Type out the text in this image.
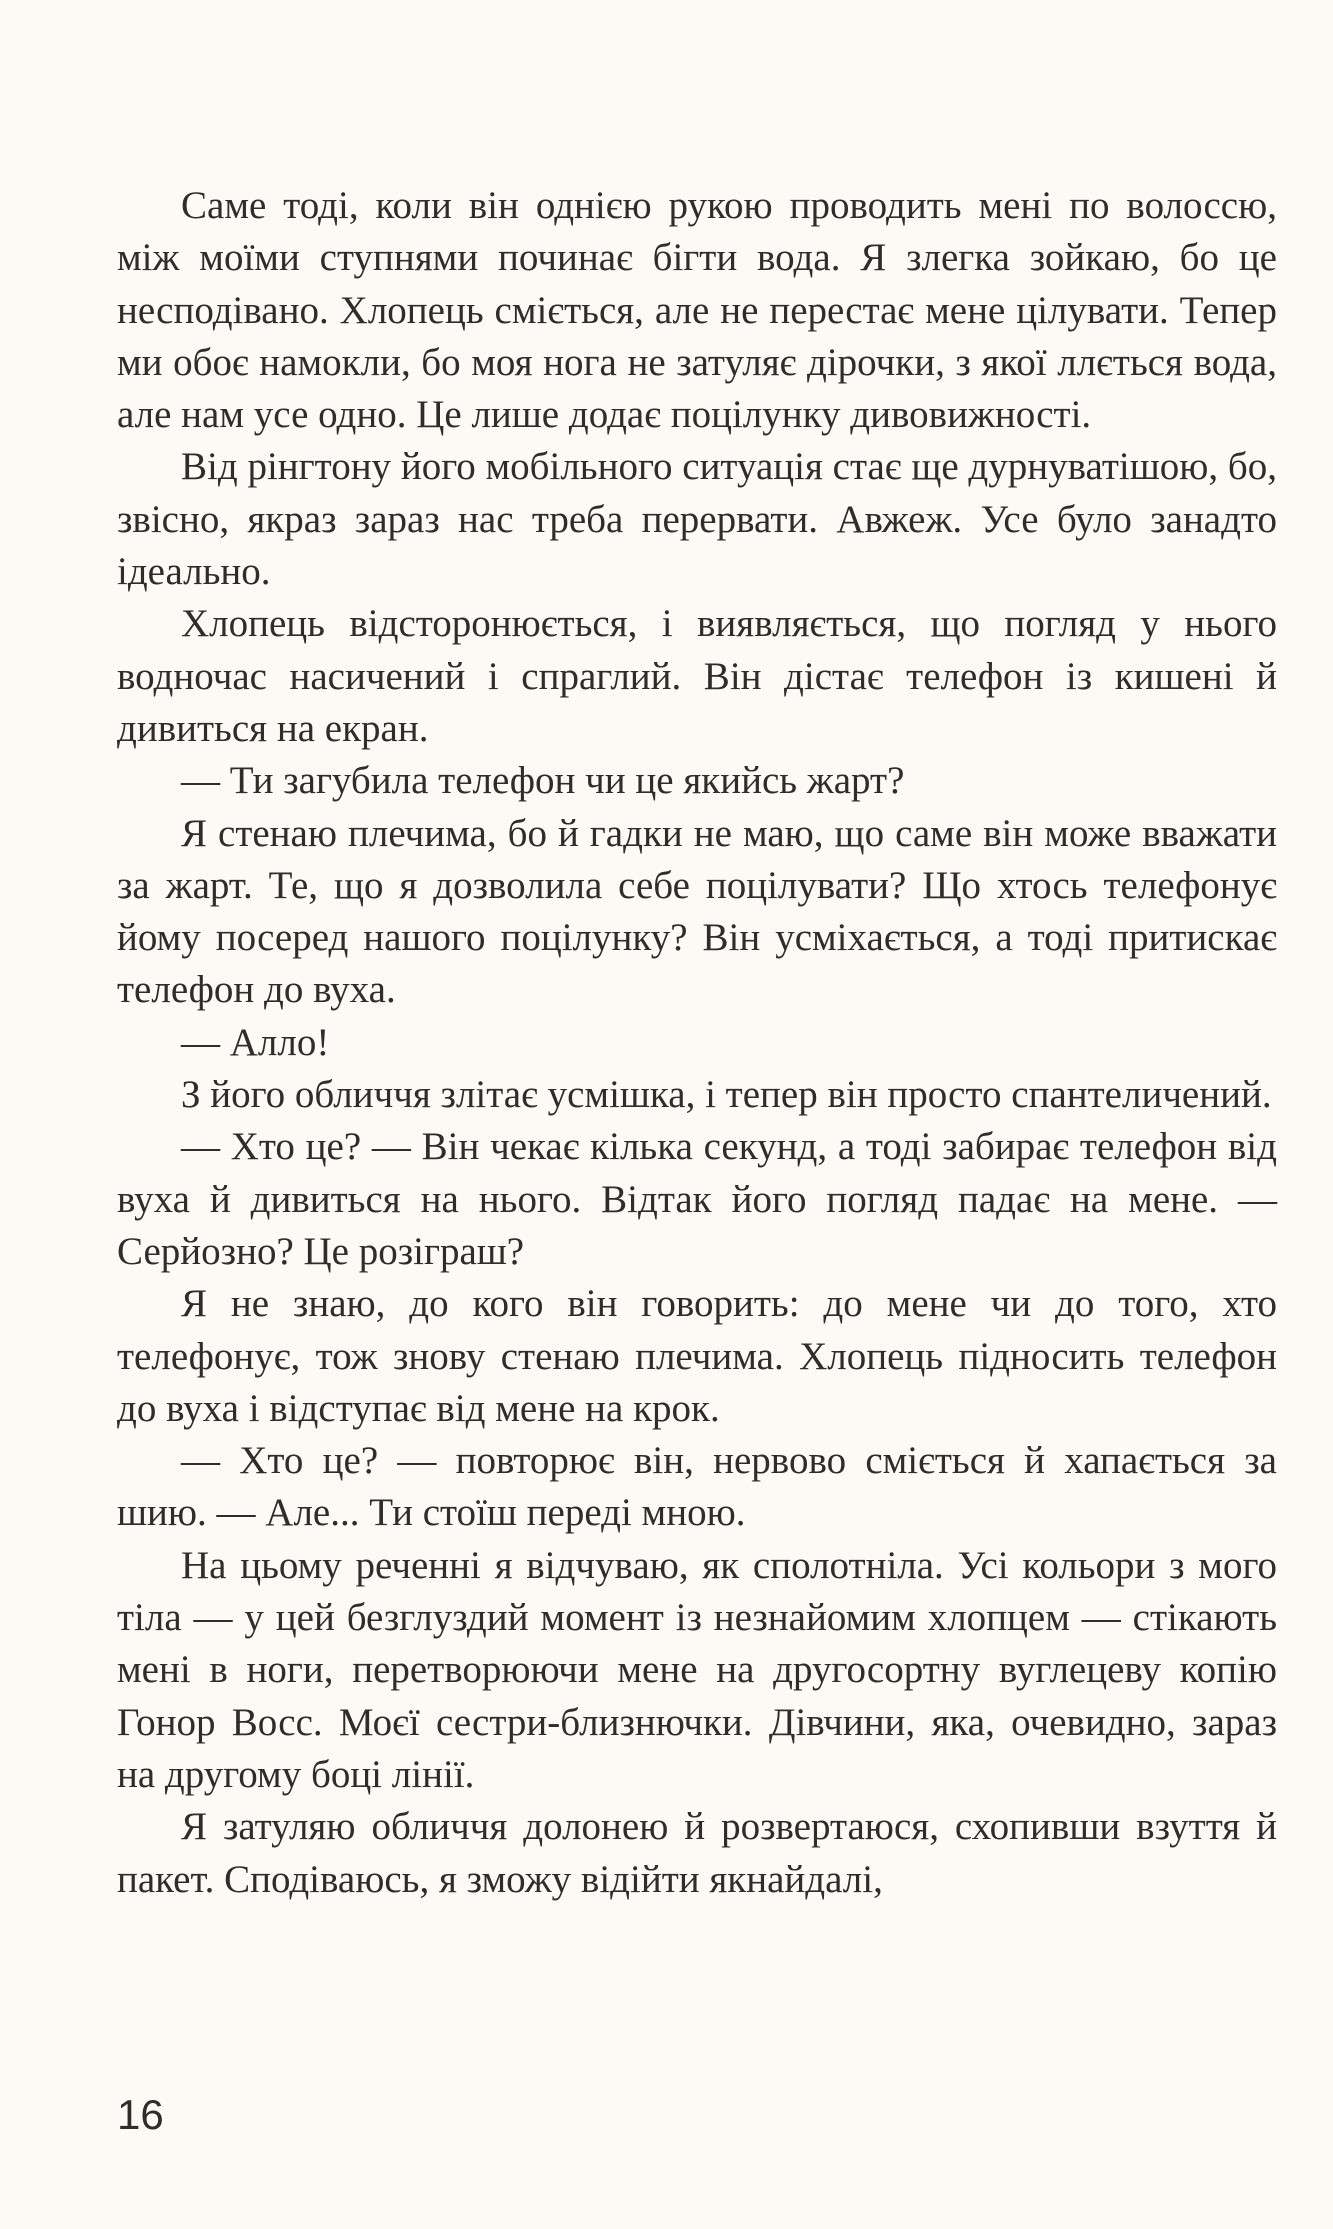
Саме тоді, коли він однією рукою проводить мені по волоссю, між моїми ступнями починає бігти вода. Я злегка зойкаю, бо це несподівано. Хлопець сміється, але не перестає мене цілувати. Тепер ми обоє намокли, бо моя нога не затуляє дірочки, з якої ллється вода, але нам усе одно. Це лише додає поцілунку дивовижності.

Від рінгтону його мобільного ситуація стає ще дурнуватішою, бо, звісно, якраз зараз нас треба перервати. Авжеж. Усе було занадто ідеально.

Хлопець відсторонюється, і виявляється, що погляд у нього водночас насичений і спраглий. Він дістає телефон із кишені й дивиться на екран.

— Ти загубила телефон чи це якийсь жарт?

Я стенаю плечима, бо й гадки не маю, що саме він може вважати за жарт. Те, що я дозволила себе поцілувати? Що хтось телефонує йому посеред нашого поцілунку? Він усміхається, а тоді притискає телефон до вуха.

— Алло!

З його обличчя злітає усмішка, і тепер він просто спантеличений.

— Хто це? — Він чекає кілька секунд, а тоді забирає телефон від вуха й дивиться на нього. Відтак його погляд падає на мене. — Серйозно? Це розіграш?

Я не знаю, до кого він говорить: до мене чи до того, хто телефонує, тож знову стенаю плечима. Хлопець підносить телефон до вуха і відступає від мене на крок.

— Хто це? — повторює він, нервово сміється й хапається за шию. — Але... Ти стоїш переді мною.

На цьому реченні я відчуваю, як сполотніла. Усі кольори з мого тіла — у цей безглуздий момент із незнайомим хлопцем — стікають мені в ноги, перетворюючи мене на другосортну вуглецеву копію Гонор Восс. Моєї сестри-близнючки. Дівчини, яка, очевидно, зараз на другому боці лінії.

Я затуляю обличчя долонею й розвертаюся, схопивши взуття й пакет. Сподіваюсь, я зможу відійти якнайдалі,

16
